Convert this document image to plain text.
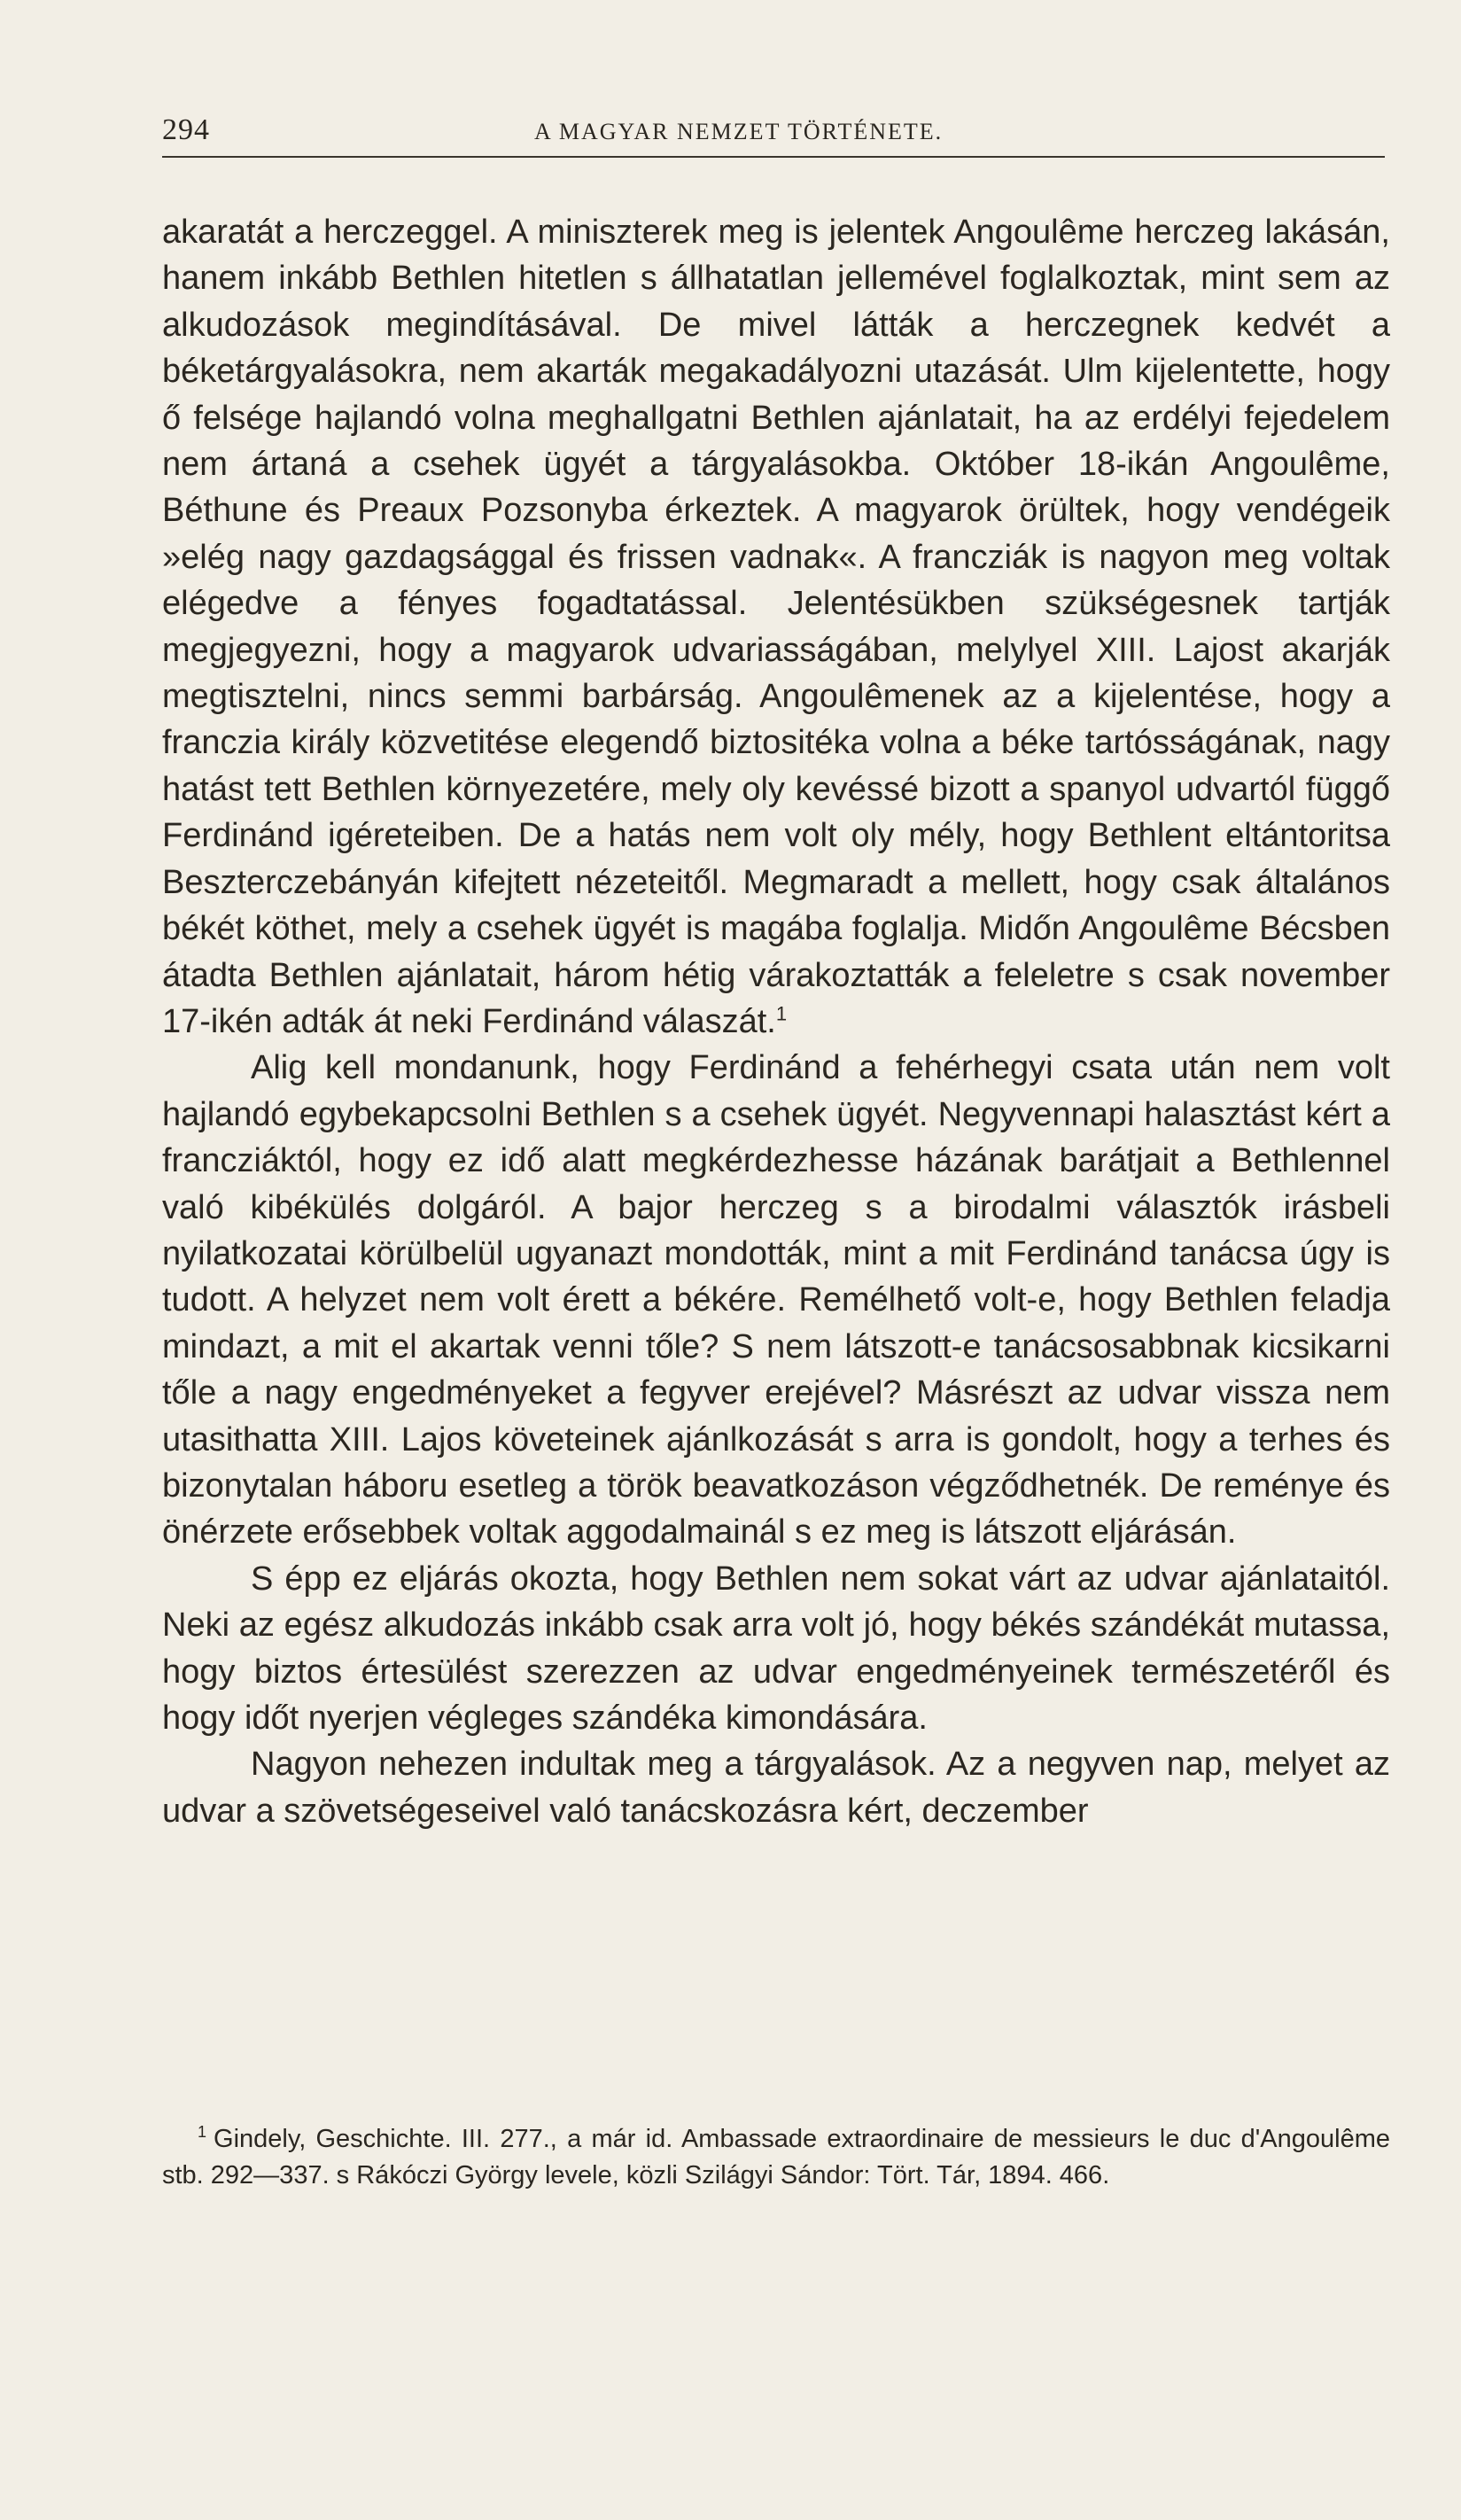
294	A MAGYAR NEMZET TÖRTÉNETE.

akaratát a herczeggel. A miniszterek meg is jelentek Angoulême herczeg lakásán, hanem inkább Bethlen hitetlen s állhatatlan jellemével foglalkoztak, mint sem az alkudozások megindításával. De mivel látták a herczegnek kedvét a béketárgyalásokra, nem akarták megakadályozni utazását. Ulm kijelentette, hogy ő felsége hajlandó volna meghallgatni Bethlen ajánlatait, ha az erdélyi fejedelem nem ártaná a csehek ügyét a tárgyalásokba. Október 18-ikán Angoulême, Béthune és Preaux Pozsonyba érkeztek. A magyarok örültek, hogy vendégeik »elég nagy gazdagsággal és frissen vadnak«. A francziák is nagyon meg voltak elégedve a fényes fogadtatással. Jelentésükben szükségesnek tartják megjegyezni, hogy a magyarok udvariasságában, melylyel XIII. Lajost akarják megtisztelni, nincs semmi barbárság. Angoulêmenek az a kijelentése, hogy a franczia király közvetitése elegendő biztositéka volna a béke tartósságának, nagy hatást tett Bethlen környezetére, mely oly kevéssé bizott a spanyol udvartól függő Ferdinánd igéreteiben. De a hatás nem volt oly mély, hogy Bethlent eltántoritsa Beszterczebányán kifejtett nézeteitől. Megmaradt a mellett, hogy csak általános békét köthet, mely a csehek ügyét is magába foglalja. Midőn Angoulême Bécsben átadta Bethlen ajánlatait, három hétig várakoztatták a feleletre s csak november 17-ikén adták át neki Ferdinánd válaszát.$^1$

Alig kell mondanunk, hogy Ferdinánd a fehérhegyi csata után nem volt hajlandó egybekapcsolni Bethlen s a csehek ügyét. Negyvennapi halasztást kért a francziáktól, hogy ez idő alatt megkérdezhesse házának barátjait a Bethlennel való kibékülés dolgáról. A bajor herczeg s a birodalmi választók irásbeli nyilatkozatai körülbelül ugyanazt mondották, mint a mit Ferdinánd tanácsa úgy is tudott. A helyzet nem volt érett a békére. Remélhető volt-e, hogy Bethlen feladja mindazt, a mit el akartak venni tőle? S nem látszott-e tanácsosabbnak kicsikarni tőle a nagy engedményeket a fegyver erejével? Másrészt az udvar vissza nem utasithatta XIII. Lajos követeinek ajánlkozását s arra is gondolt, hogy a terhes és bizonytalan háboru esetleg a török beavatkozáson végződhetnék. De reménye és önérzete erősebbek voltak aggodalmainál s ez meg is látszott eljárásán.

S épp ez eljárás okozta, hogy Bethlen nem sokat várt az udvar ajánlataitól. Neki az egész alkudozás inkább csak arra volt jó, hogy békés szándékát mutassa, hogy biztos értesülést szerezzen az udvar engedményeinek természetéről és hogy időt nyerjen végleges szándéka kimondására.

Nagyon nehezen indultak meg a tárgyalások. Az a negyven nap, melyet az udvar a szövetségeseivel való tanácskozásra kért, deczember

$^1$ Gindely, Geschichte. III. 277., a már id. Ambassade extraordinaire de messieurs le duc d'Angoulême stb. 292—337. s Rákóczi György levele, közli Szilágyi Sándor: Tört. Tár, 1894. 466.
